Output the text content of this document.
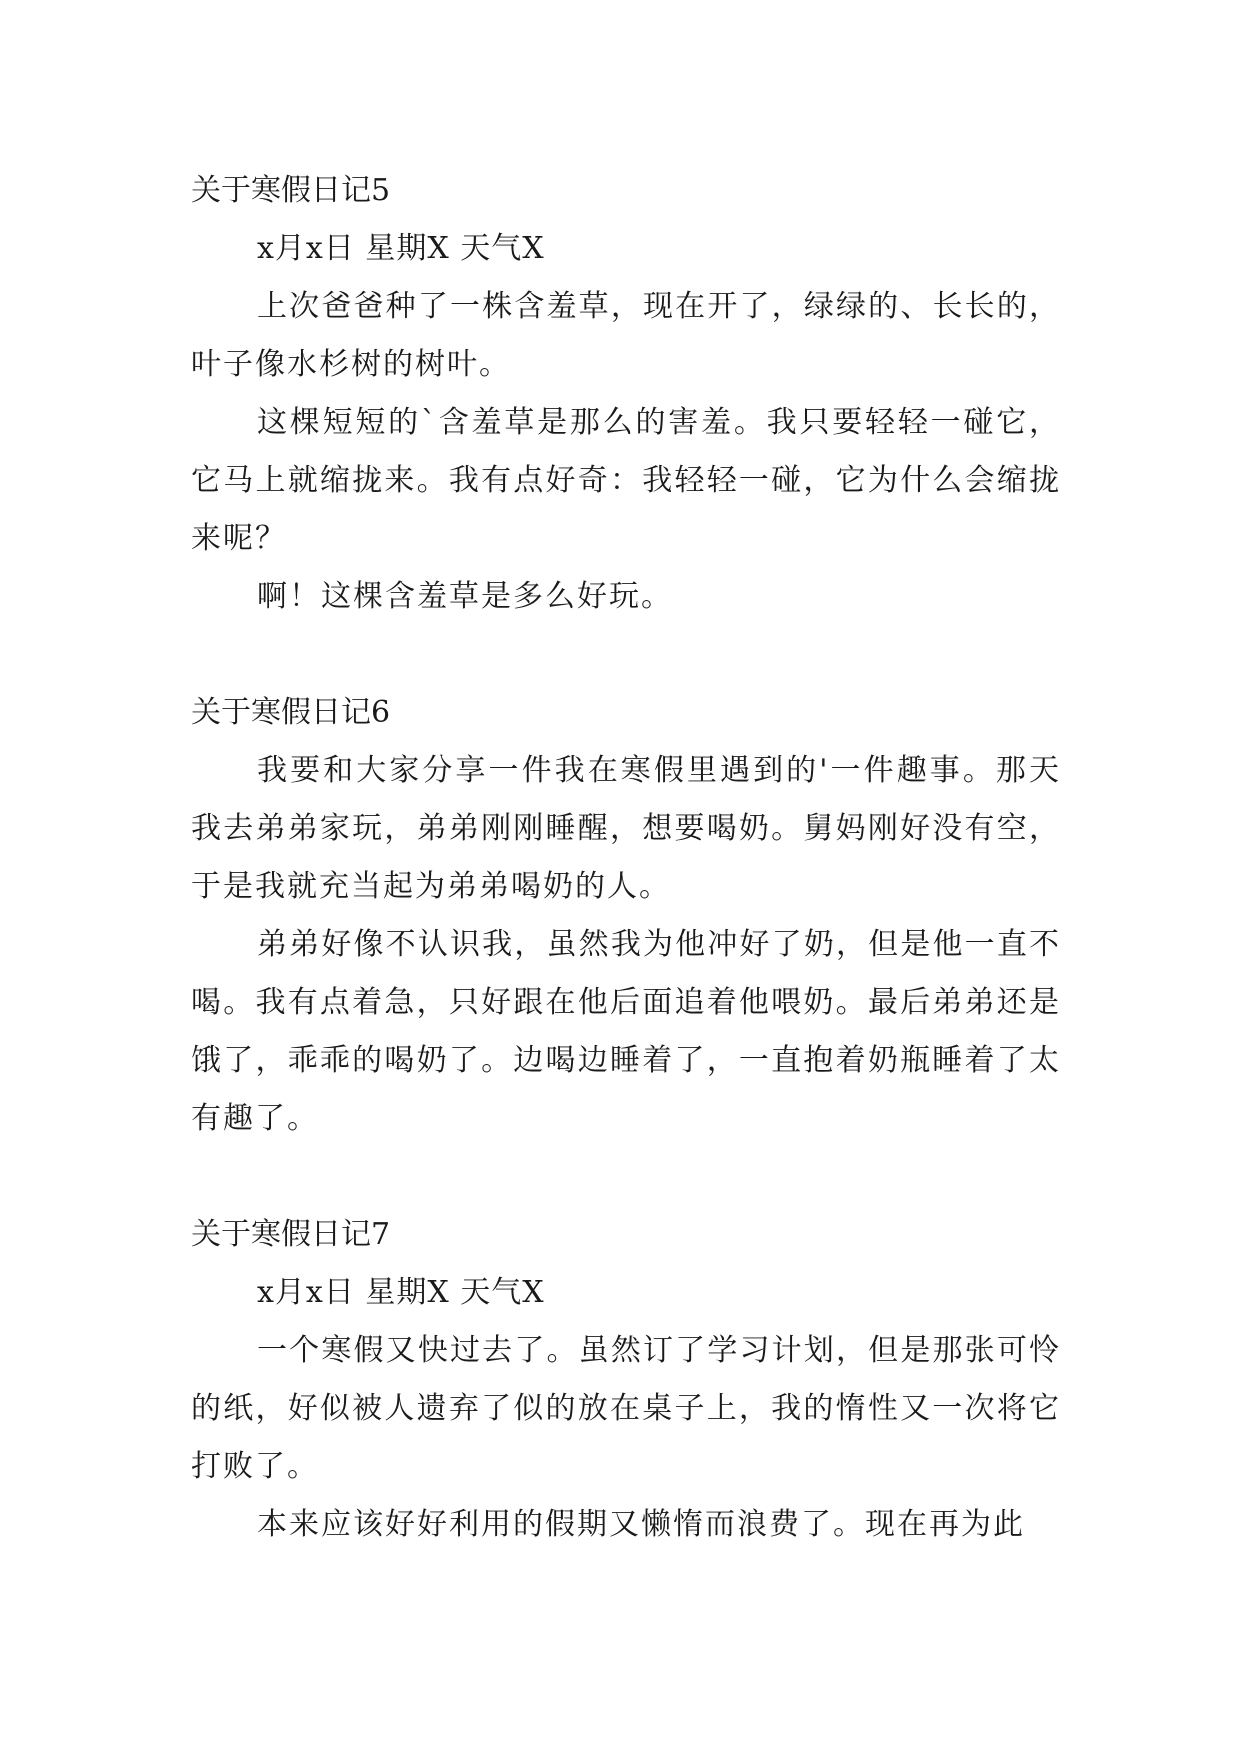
关于寒假日记5
x月x日 星期X 天气X

上次爸爸种了一株含羞草，现在开了，绿绿的、长长的，叶子像水杉树的树叶。

这棵短短的`含羞草是那么的害羞。我只要轻轻一碰它，它马上就缩拢来。我有点好奇：我轻轻一碰，它为什么会缩拢来呢？

啊！这棵含羞草是多么好玩。

关于寒假日记6

我要和大家分享一件我在寒假里遇到的'一件趣事。那天我去弟弟家玩，弟弟刚刚睡醒，想要喝奶。舅妈刚好没有空，于是我就充当起为弟弟喝奶的人。

弟弟好像不认识我，虽然我为他冲好了奶，但是他一直不喝。我有点着急，只好跟在他后面追着他喂奶。最后弟弟还是饿了，乖乖的喝奶了。边喝边睡着了，一直抱着奶瓶睡着了太有趣了。

关于寒假日记7
x月x日 星期X 天气X

一个寒假又快过去了。虽然订了学习计划，但是那张可怜的纸，好似被人遗弃了似的放在桌子上，我的惰性又一次将它打败了。

本来应该好好利用的假期又懒惰而浪费了。现在再为此
